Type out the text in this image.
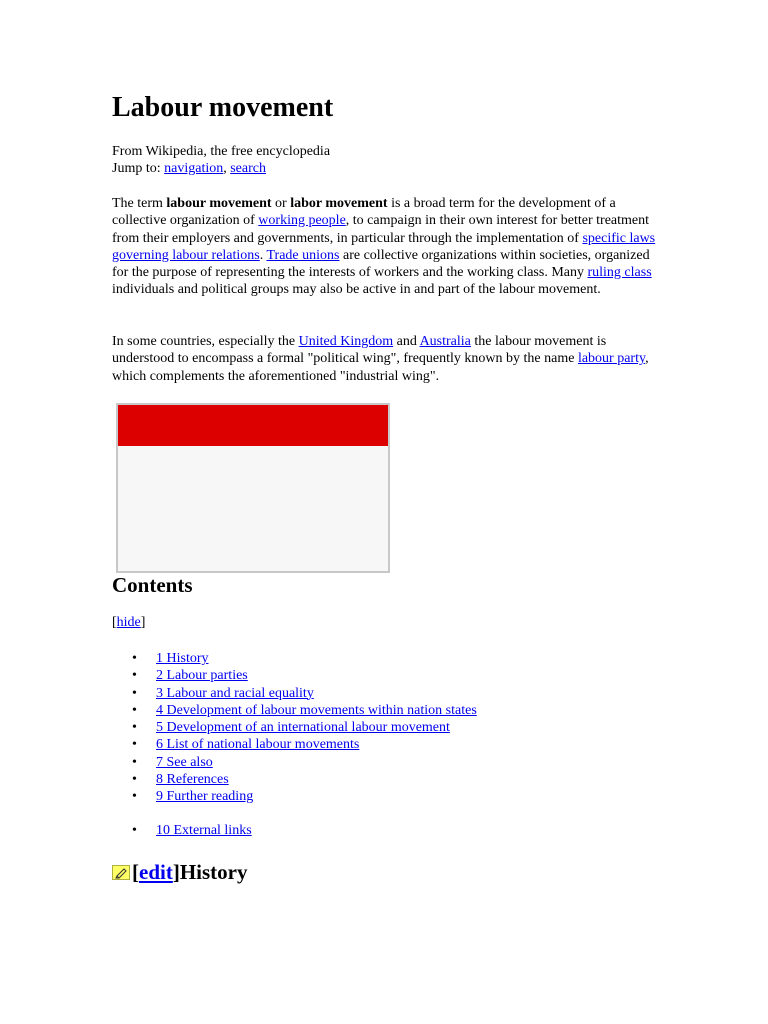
Labour movement
From Wikipedia, the free encyclopedia
Jump to: navigation, search

The term labour movement or labor movement is a broad term for the development of a collective organization of working people, to campaign in their own interest for better treatment from their employers and governments, in particular through the implementation of specific laws governing labour relations. Trade unions are collective organizations within societies, organized for the purpose of representing the interests of workers and the working class. Many ruling class individuals and political groups may also be active in and part of the labour movement.

In some countries, especially the United Kingdom and Australia the labour movement is understood to encompass a formal "political wing", frequently known by the name labour party, which complements the aforementioned "industrial wing".

Contents
[hide]
• 1 History
• 2 Labour parties
• 3 Labour and racial equality
• 4 Development of labour movements within nation states
• 5 Development of an international labour movement
• 6 List of national labour movements
• 7 See also
• 8 References
• 9 Further reading
• 10 External links
[ edit ] History
